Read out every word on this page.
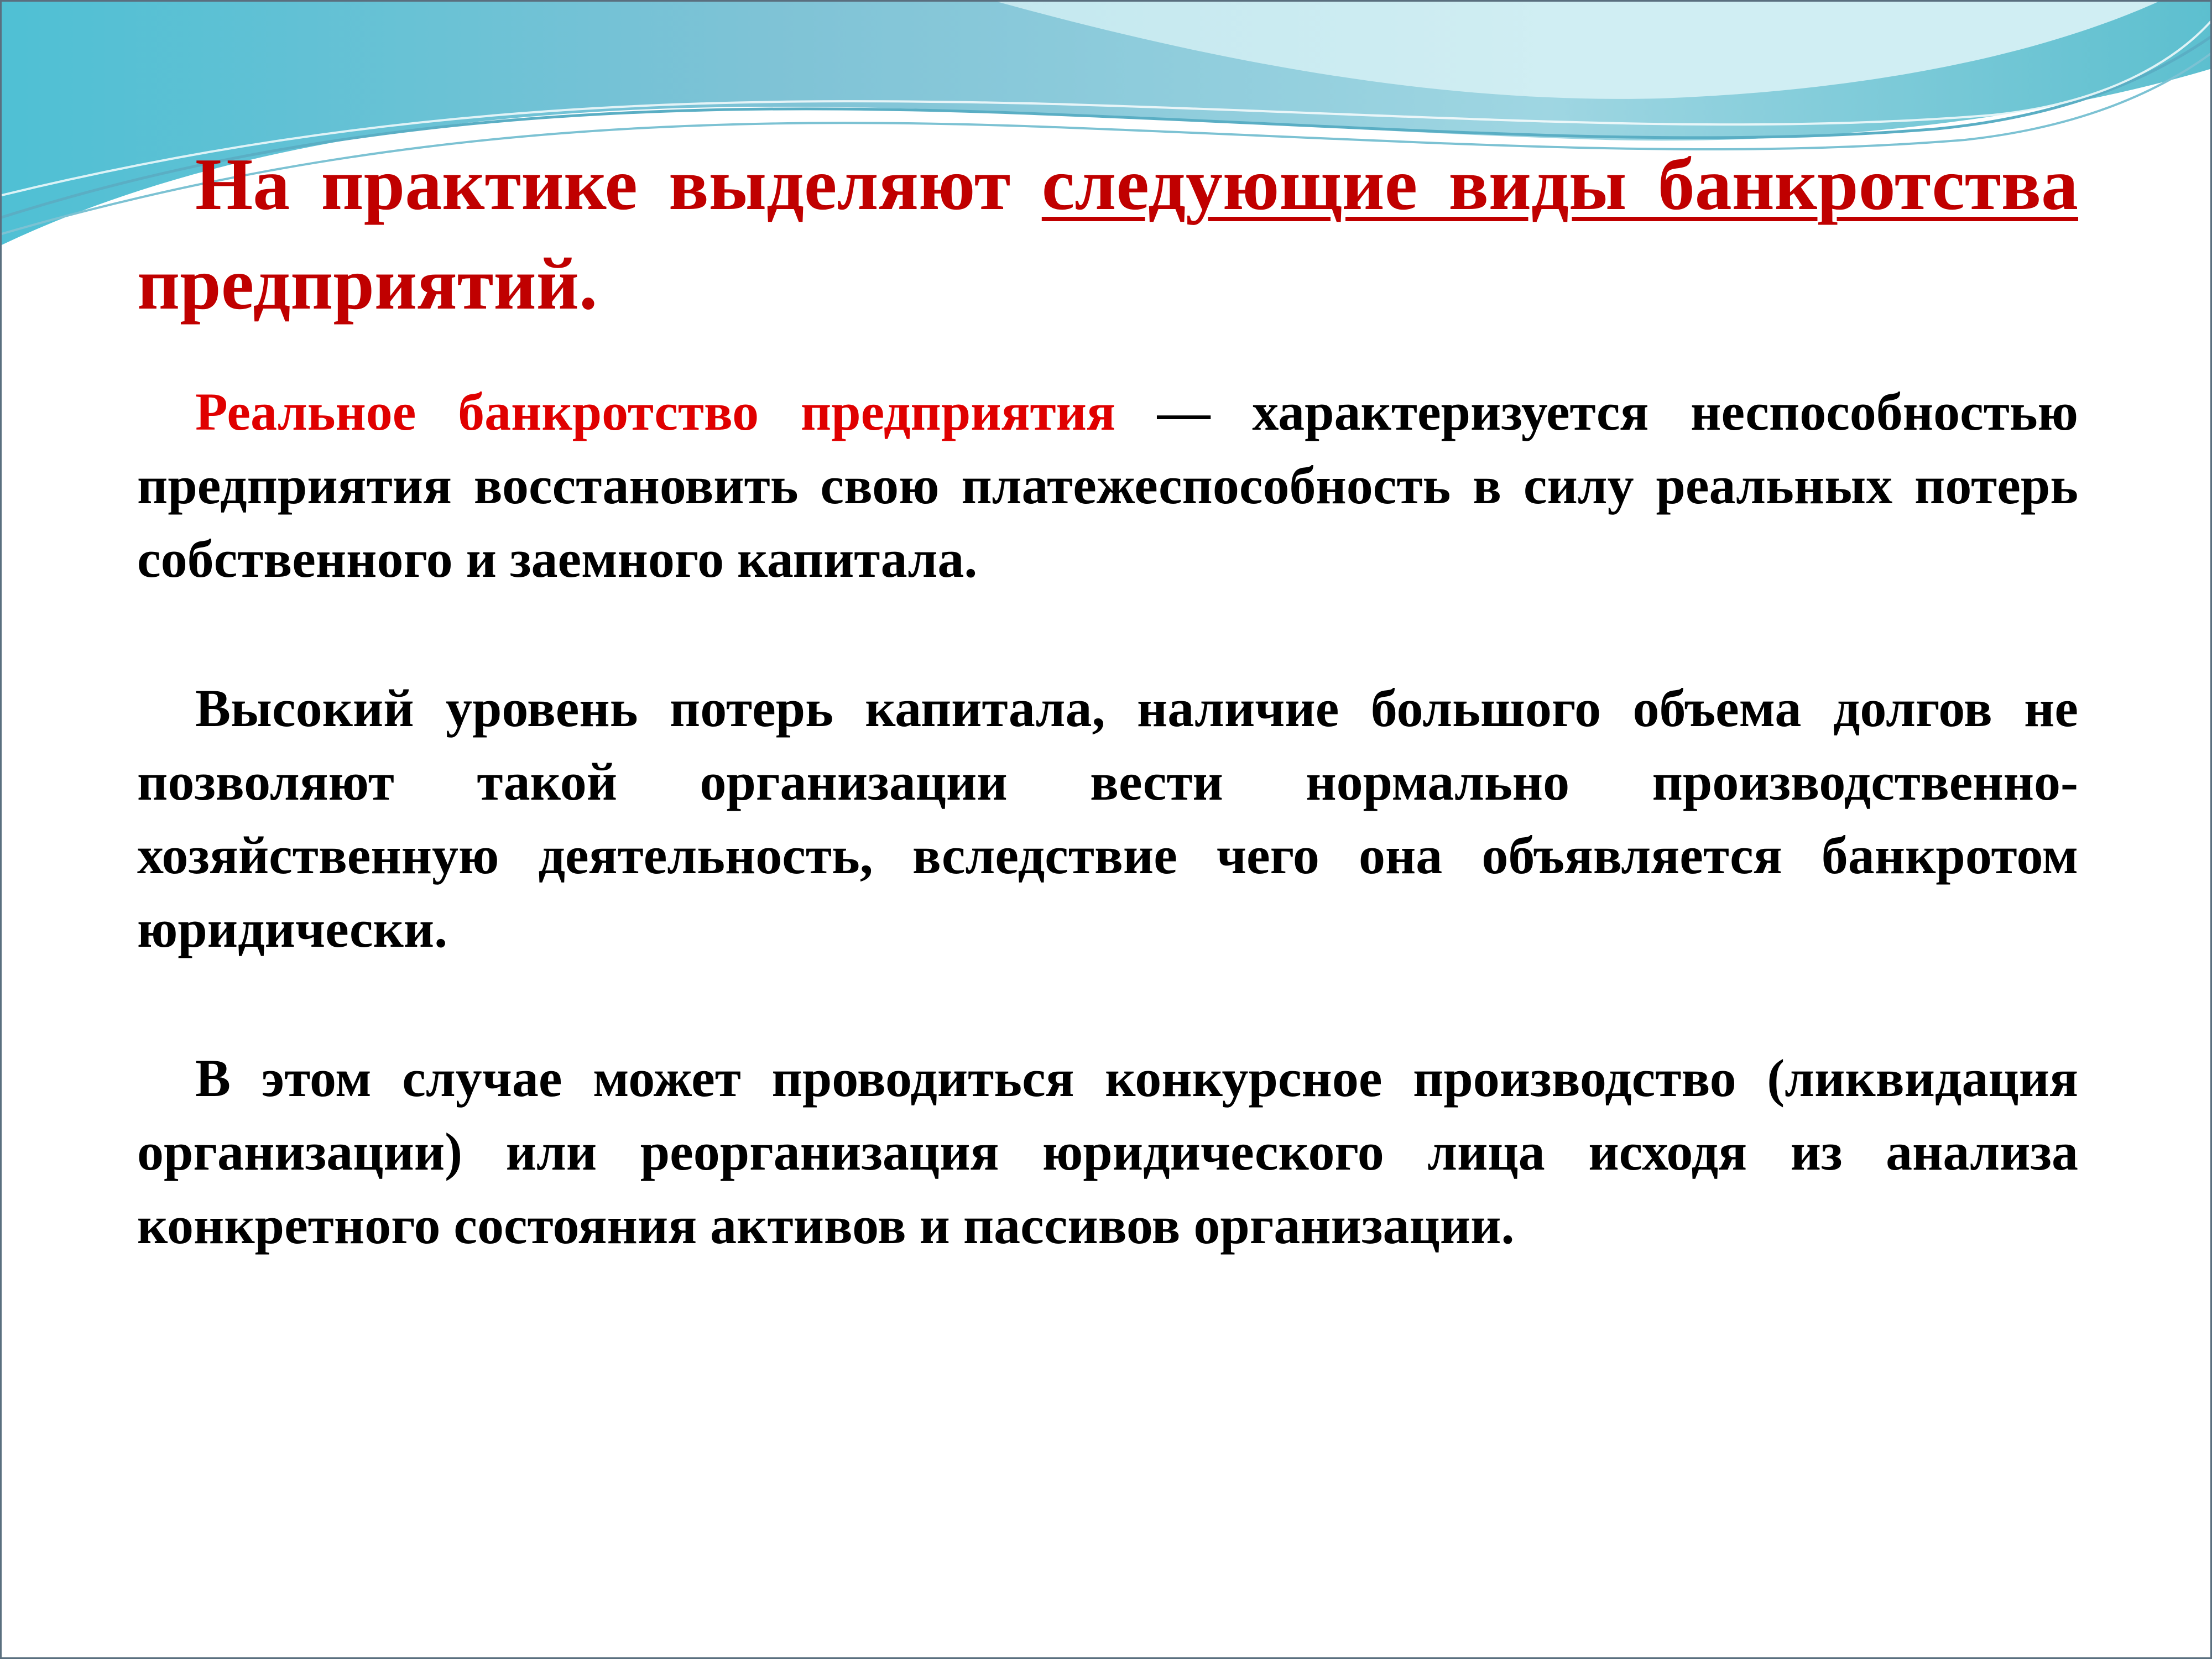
На практике выделяют следующие виды банкротства предприятий.

Реальное банкротство предприятия — характеризуется неспособностью предприятия восстановить свою платежеспособность в силу реальных потерь собственного и заемного капитала.

Высокий уровень потерь капитала, наличие большого объема долгов не позволяют такой организации вести нормально производственно-хозяйственную деятельность, вследствие чего она объявляется банкротом юридически.

В этом случае может проводиться конкурсное производство (ликвидация организации) или реорганизация юридического лица исходя из анализа конкретного состояния активов и пассивов организации.
